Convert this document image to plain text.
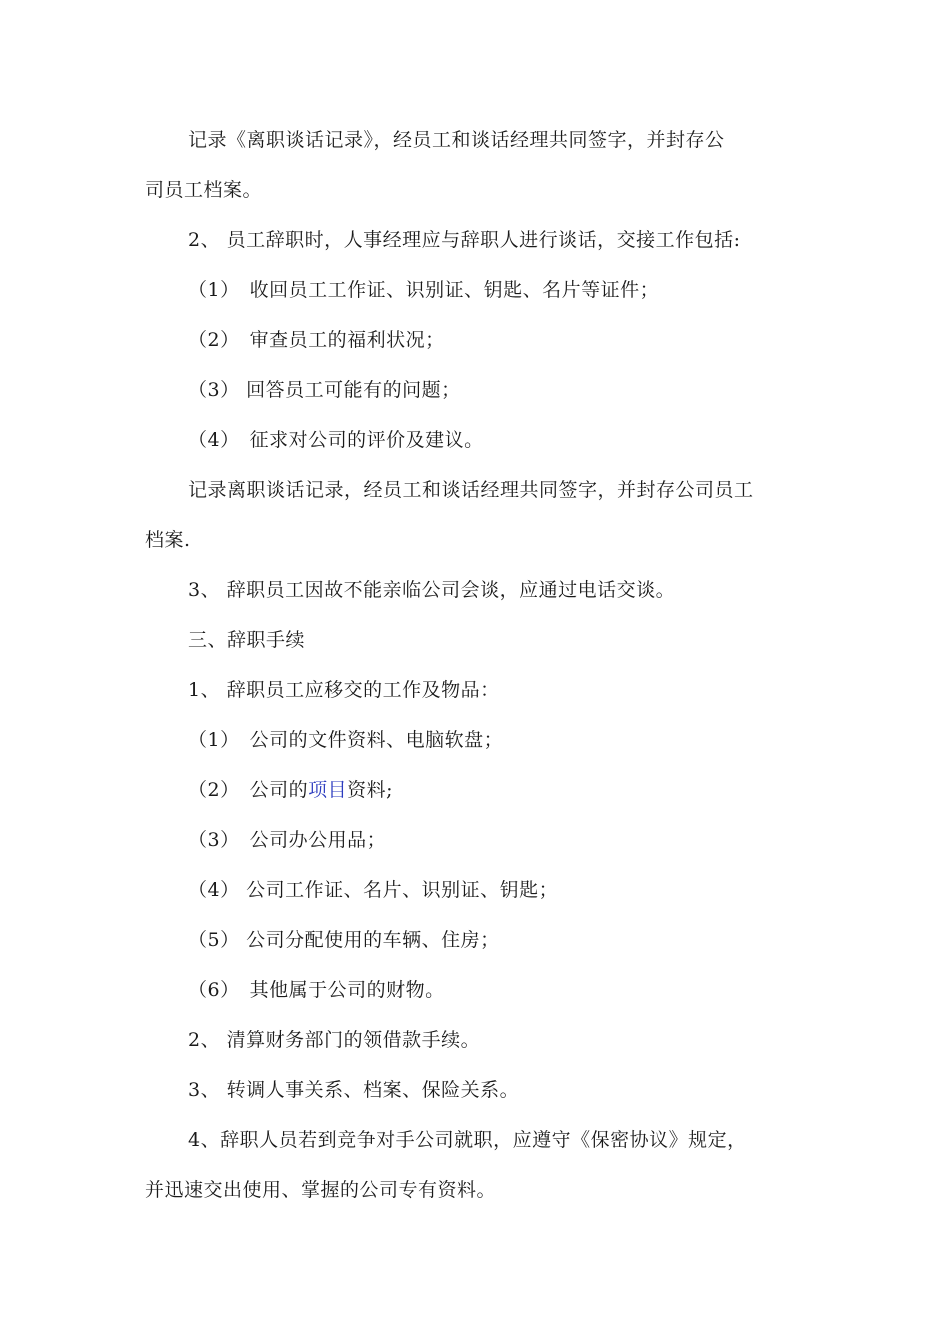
记录《离职谈话记录》，经员工和谈话经理共同签字，并封存公
司员工档案。
2、 员工辞职时，人事经理应与辞职人进行谈话，交接工作包括:
（1）　收回员工工作证、识别证、钥匙、名片等证件；
（2）　审查员工的福利状况；
（3） 回答员工可能有的问题；
（4）　征求对公司的评价及建议。
记录离职谈话记录，经员工和谈话经理共同签字，并封存公司员工
档案.
3、 辞职员工因故不能亲临公司会谈，应通过电话交谈。
三、辞职手续
1、 辞职员工应移交的工作及物品：
（1）　公司的文件资料、电脑软盘；
（2）　公司的项目资料;
（3）　公司办公用品；
（4） 公司工作证、名片、识别证、钥匙；
（5） 公司分配使用的车辆、住房；
（6）　其他属于公司的财物。
2、 清算财务部门的领借款手续。
3、 转调人事关系、档案、保险关系。
4、辞职人员若到竞争对手公司就职，应遵守《保密协议》规定，
并迅速交出使用、掌握的公司专有资料。
